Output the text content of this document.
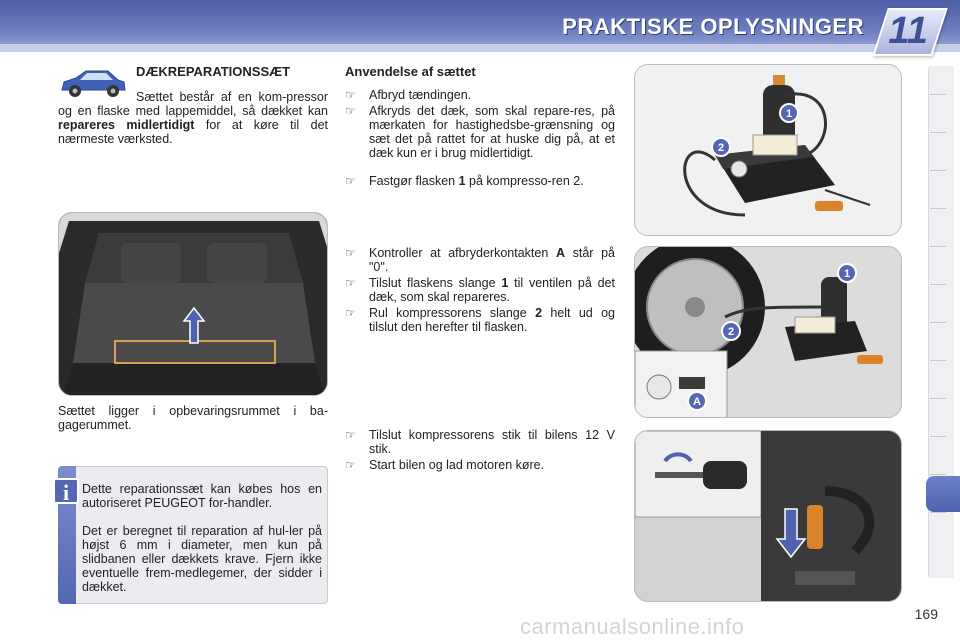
PRAKTISKE OPLYSNINGER 11
DÆKREPARATIONSSÆT
Sættet består af en kom-pressor og en flaske med lappemiddel, så dækket kan repareres midlertidigt for at køre til det nærmeste værksted.
Sættet ligger i opbevaringsrummet i ba-gagerummet.
i	Dette reparationssæt kan købes hos en autoriseret PEUGEOT for-handler.
Det er beregnet til reparation af hul-ler på højst 6 mm i diameter, men kun på slidbanen eller dækkets krave. Fjern ikke eventuelle frem-medlegemer, der sidder i dækket.
Anvendelse af sættet
☞ Afbryd tændingen.
☞ Afkryds det dæk, som skal repare-res, på mærkaten for hastighedsbe-grænsning og sæt det på rattet for at huske dig på, at et dæk kun er i brug midlertidigt.
☞ Fastgør flasken 1 på kompresso-ren 2.
☞ Kontroller at afbryderkontakten A står på "0".
☞ Tilslut flaskens slange 1 til ventilen på det dæk, som skal repareres.
☞ Rul kompressorens slange 2 helt ud og tilslut den herefter til flasken.
☞ Tilslut kompressorens stik til bilens 12 V stik.
☞ Start bilen og lad motoren køre.
1
2
1
2
A
169
carmanualsonline.info
